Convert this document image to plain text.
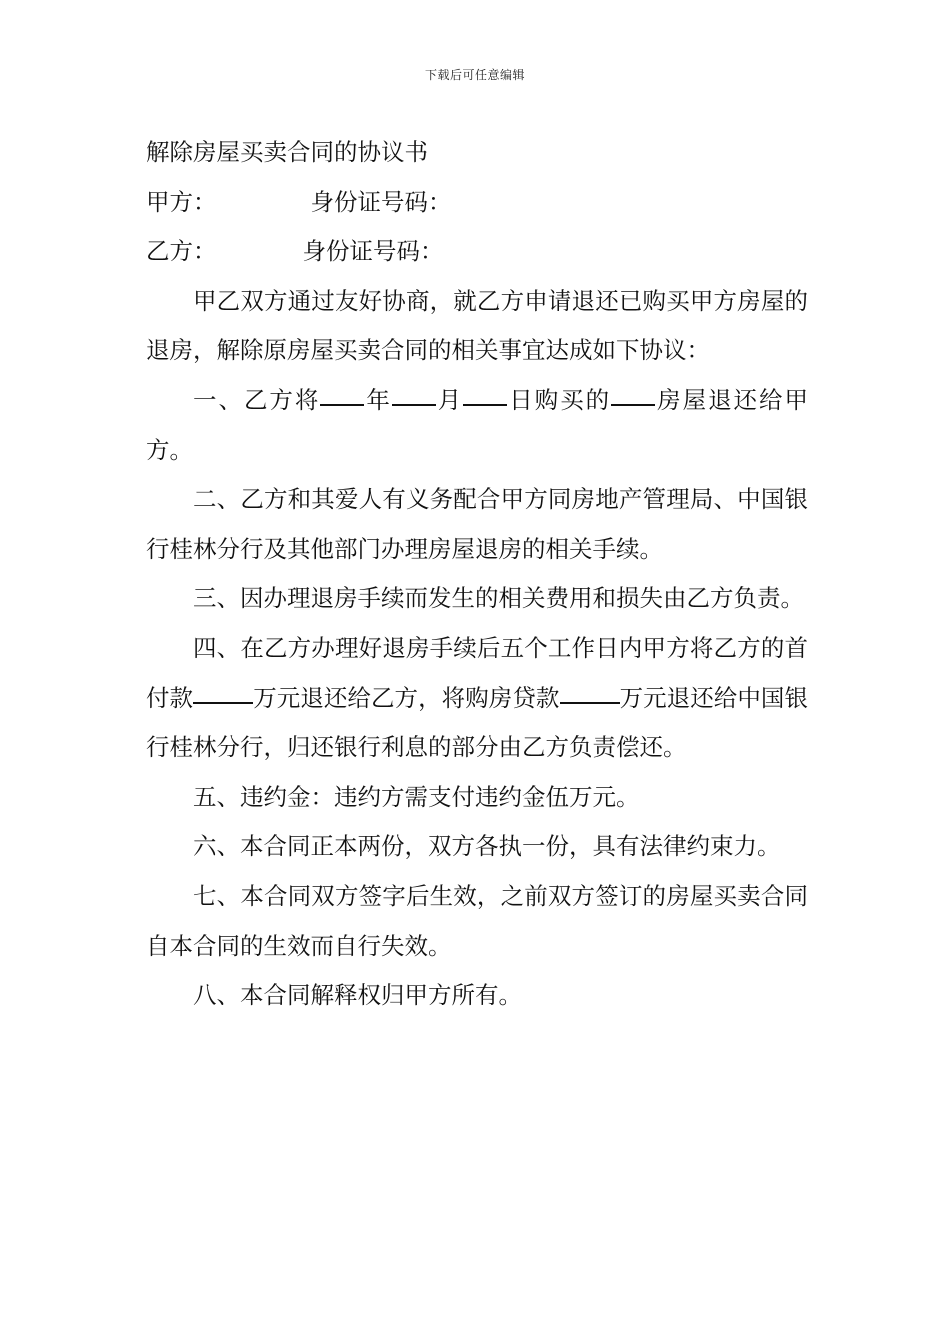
下载后可任意编辑
解除房屋买卖合同的协议书
甲方：	身份证号码：
乙方：	身份证号码：
甲乙双方通过友好协商，就乙方申请退还已购买甲方房屋的退房，解除原房屋买卖合同的相关事宜达成如下协议：
一、乙方将 年 月 日购买的 房屋退还给甲方。
二、乙方和其爱人有义务配合甲方同房地产管理局、中国银行桂林分行及其他部门办理房屋退房的相关手续。
三、因办理退房手续而发生的相关费用和损失由乙方负责。
四、在乙方办理好退房手续后五个工作日内甲方将乙方的首付款	万元退还给乙方，将购房贷款	万元退还给中国银行桂林分行，归还银行利息的部分由乙方负责偿还。
五、违约金：违约方需支付违约金伍万元。
六、本合同正本两份，双方各执一份，具有法律约束力。
七、本合同双方签字后生效，之前双方签订的房屋买卖合同自本合同的生效而自行失效。
八、本合同解释权归甲方所有。
